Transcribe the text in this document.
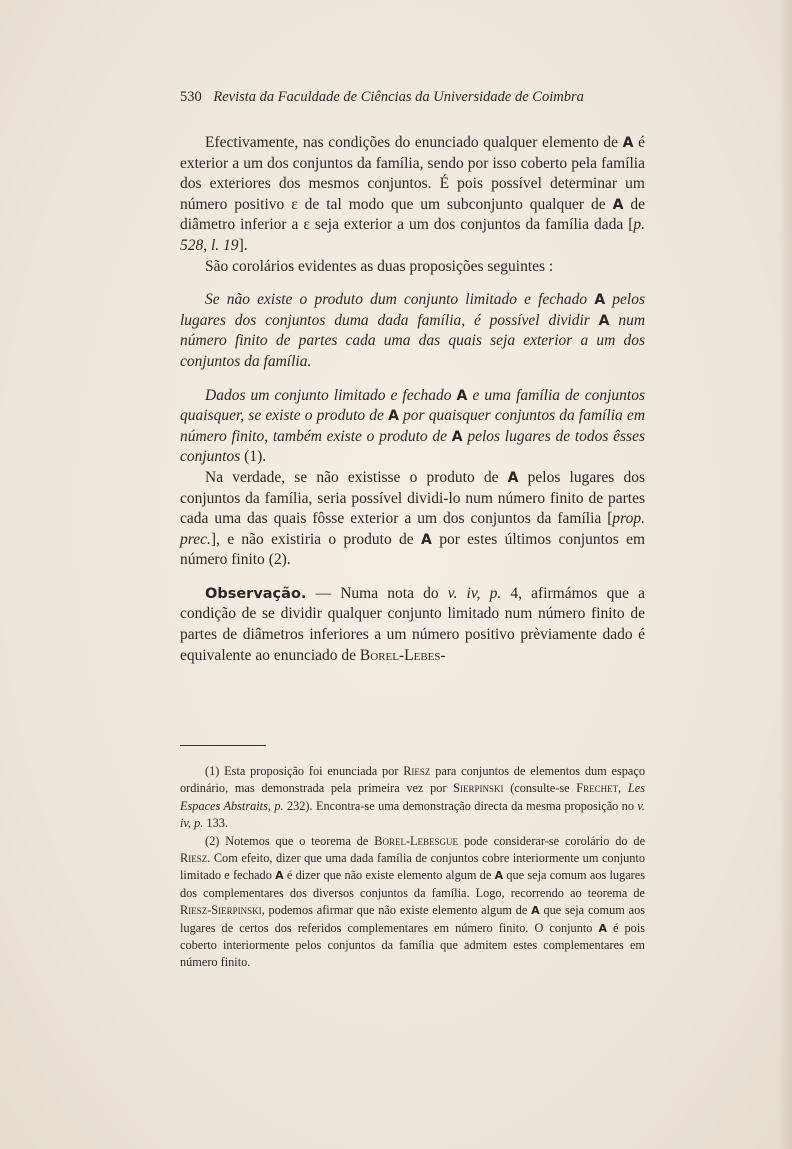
530 Revista da Faculdade de Ciências da Universidade de Coimbra

Efectivamente, nas condições do enunciado qualquer elemento de A é exterior a um dos conjuntos da família, sendo por isso coberto pela família dos exteriores dos mesmos conjuntos. É pois possível determinar um número positivo ε de tal modo que um subconjunto qualquer de A de diâmetro inferior a ε seja exterior a um dos conjuntos da família dada [p. 528, l. 19].

São corolários evidentes as duas proposições seguintes :

Se não existe o produto dum conjunto limitado e fechado A pelos lugares dos conjuntos duma dada família, é possível dividir A num número finito de partes cada uma das quais seja exterior a um dos conjuntos da família.

Dados um conjunto limitado e fechado A e uma família de conjuntos quaisquer, se existe o produto de A por quaisquer conjuntos da família em número finito, também existe o produto de A pelos lugares de todos êsses conjuntos (1).

Na verdade, se não existisse o produto de A pelos lugares dos conjuntos da família, seria possível dividi-lo num número finito de partes cada uma das quais fôsse exterior a um dos conjuntos da família [prop. prec.], e não existiria o produto de A por estes últimos conjuntos em número finito (2).

Observação. — Numa nota do v. iv, p. 4, afirmámos que a condição de se dividir qualquer conjunto limitado num número finito de partes de diâmetros inferiores a um número positivo prèviamente dado é equivalente ao enunciado de Borel-Lebes-

(1) Esta proposição foi enunciada por Riesz para conjuntos de elementos dum espaço ordinário, mas demonstrada pela primeira vez por Sierpinski (consulte-se Frechet, Les Espaces Abstraits, p. 232). Encontra-se uma demonstração directa da mesma proposição no v. iv, p. 133.

(2) Notemos que o teorema de Borel-Lebesgue pode considerar-se corolário do de Riesz. Com efeito, dizer que uma dada família de conjuntos cobre interiormente um conjunto limitado e fechado A é dizer que não existe elemento algum de A que seja comum aos lugares dos complementares dos diversos conjuntos da família. Logo, recorrendo ao teorema de Riesz-Sierpinski, podemos afirmar que não existe elemento algum de A que seja comum aos lugares de certos dos referidos complementares em número finito. O conjunto A é pois coberto interiormente pelos conjuntos da família que admitem estes complementares em número finito.
